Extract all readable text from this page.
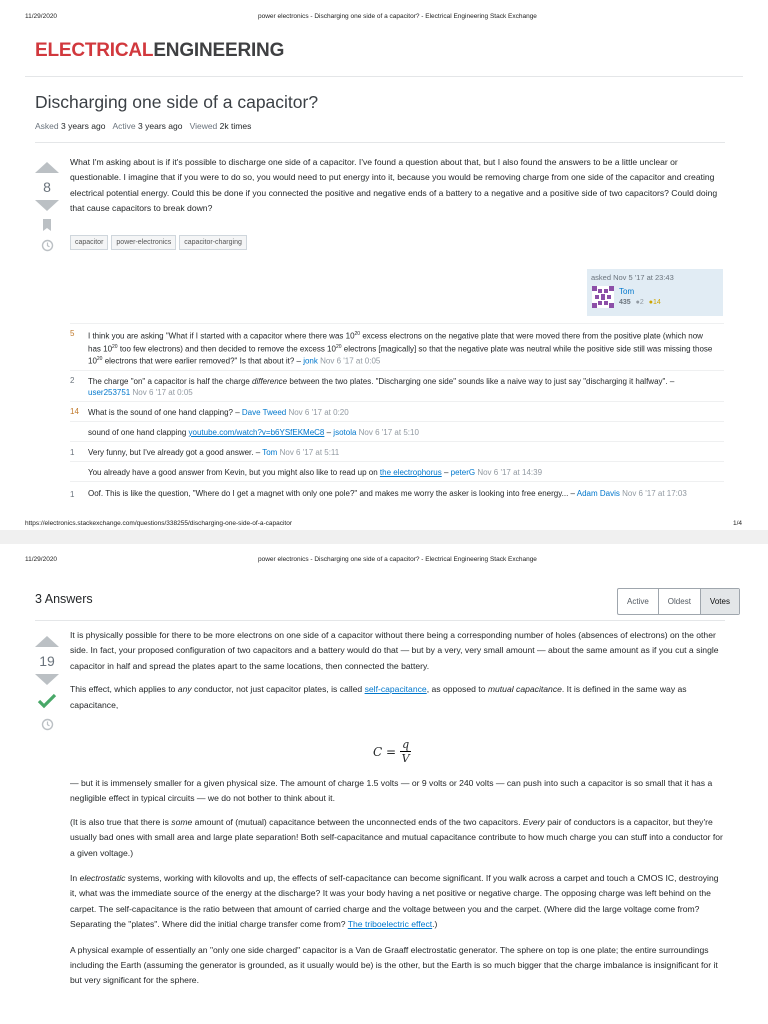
11/29/2020	power electronics - Discharging one side of a capacitor? - Electrical Engineering Stack Exchange
ELECTRICALENGINEERING
Discharging one side of a capacitor?
Asked 3 years ago Active 3 years ago Viewed 2k times
8

What I'm asking about is if it's possible to discharge one side of a capacitor. I've found a question about that, but I also found the answers to be a little unclear or questionable. I imagine that if you were to do so, you would need to put energy into it, because you would be removing charge from one side of the capacitor and creating electrical potential energy. Could this be done if you connected the positive and negative ends of a battery to a negative and a positive side of two capacitors? Could doing that cause capacitors to break down?

capacitor	power-electronics	capacitor-charging
asked Nov 5 '17 at 23:43
Tom
435 ●2 ●14
5 I think you are asking "What if I started with a capacitor where there was $10^{20}$ excess electrons on the negative plate that were moved there from the positive plate (which now has $10^{20}$ too few electrons) and then decided to remove the excess $10^{20}$ electrons [magically] so that the negative plate was neutral while the positive side still was missing those $10^{20}$ electrons that were earlier removed?" Is that about it? – jonk Nov 6 '17 at 0:05
2 The charge "on" a capacitor is half the charge difference between the two plates. "Discharging one side" sounds like a naive way to just say "discharging it halfway". – user253751 Nov 6 '17 at 0:05
14 What is the sound of one hand clapping? – Dave Tweed Nov 6 '17 at 0:20
sound of one hand clapping youtube.com/watch?v=b6YSfEKMeC8 – jsotola Nov 6 '17 at 5:10
1 Very funny, but I've already got a good answer. – Tom Nov 6 '17 at 5:11
You already have a good answer from Kevin, but you might also like to read up on the electrophorus – peterG Nov 6 '17 at 14:39
1 Oof. This is like the question, "Where do I get a magnet with only one pole?" and makes me worry the asker is looking into free energy... – Adam Davis Nov 6 '17 at 17:03
https://electronics.stackexchange.com/questions/338255/discharging-one-side-of-a-capacitor	1/4
11/29/2020	power electronics - Discharging one side of a capacitor? - Electrical Engineering Stack Exchange
3 Answers	Active	Oldest	Votes
19

It is physically possible for there to be more electrons on one side of a capacitor without there being a corresponding number of holes (absences of electrons) on the other side. In fact, your proposed configuration of two capacitors and a battery would do that — but by a very, very small amount — about the same amount as if you cut a single capacitor in half and spread the plates apart to the same locations, then connected the battery.

This effect, which applies to any conductor, not just capacitor plates, is called self-capacitance, as opposed to mutual capacitance. It is defined in the same way as capacitance,

$C = \frac{q}{V}$

— but it is immensely smaller for a given physical size. The amount of charge 1.5 volts — or 9 volts or 240 volts — can push into such a capacitor is so small that it has a negligible effect in typical circuits — we do not bother to think about it.

(It is also true that there is some amount of (mutual) capacitance between the unconnected ends of the two capacitors. Every pair of conductors is a capacitor, but they're usually bad ones with small area and large plate separation! Both self-capacitance and mutual capacitance contribute to how much charge you can stuff into a conductor for a given voltage.)

In electrostatic systems, working with kilovolts and up, the effects of self-capacitance can become significant. If you walk across a carpet and touch a CMOS IC, destroying it, what was the immediate source of the energy at the discharge? It was your body having a net positive or negative charge. The opposing charge was left behind on the carpet. The self-capacitance is the ratio between that amount of carried charge and the voltage between you and the carpet. (Where did the large voltage come from? Separating the "plates". Where did the initial charge transfer come from? The triboelectric effect.)

A physical example of essentially an "only one side charged" capacitor is a Van de Graaff electrostatic generator. The sphere on top is one plate; the entire surroundings including the Earth (assuming the generator is grounded, as it usually would be) is the other, but the Earth is so much bigger that the charge imbalance is insignificant for it but very significant for the sphere.
